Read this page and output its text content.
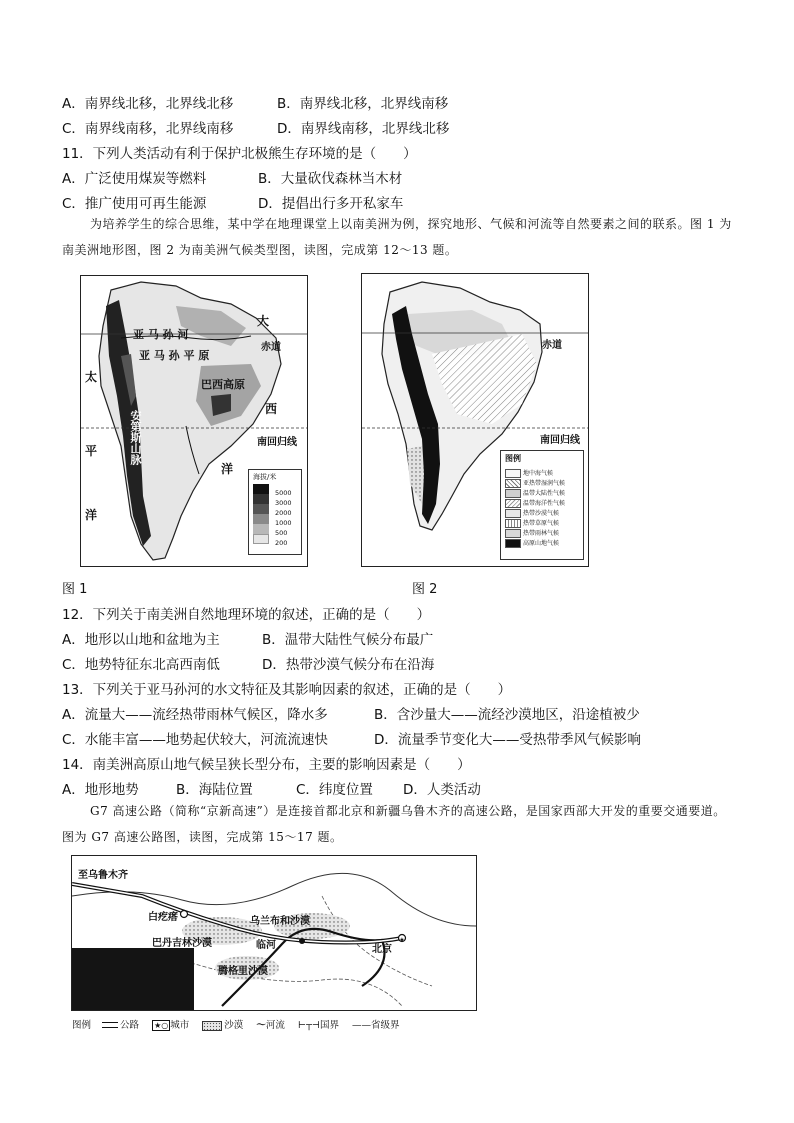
A．南界线北移，北界线北移	B．南界线北移，北界线南移
C．南界线南移，北界线南移	D．南界线南移，北界线北移
11．下列人类活动有利于保护北极熊生存环境的是（　　）
A．广泛使用煤炭等燃料	B．大量砍伐森林当木材
C．推广使用可再生能源	D．提倡出行多开私家车
为培养学生的综合思维，某中学在地理课堂上以南美洲为例，探究地形、气候和河流等自然要素之间的联系。图 1 为南美洲地形图，图 2 为南美洲气候类型图，读图，完成第 12～13 题。
大
赤道
亚 马 孙 河
亚 马 孙 平 原
巴西高原
西
太
安第斯山脉	南回归线
平
洋
洋
海拔/米
5000
3000
2000
1000
500
200
图 1
赤道
南回归线
图例
地中海气候
亚热带湿润气候
温带大陆性气候
温带海洋性气候
热带沙漠气候
热带草原气候
热带雨林气候
高原山地气候
图 2
12．下列关于南美洲自然地理环境的叙述，正确的是（　　）
A．地形以山地和盆地为主	B．温带大陆性气候分布最广
C．地势特征东北高西南低	D．热带沙漠气候分布在沿海
13．下列关于亚马孙河的水文特征及其影响因素的叙述，正确的是（　　）
A．流量大——流经热带雨林气候区，降水多	B．含沙量大——流经沙漠地区，沿途植被少
C．水能丰富——地势起伏较大，河流流速快	D．流量季节变化大——受热带季风气候影响
14．南美洲高原山地气候呈狭长型分布，主要的影响因素是（　　）
A．地形地势	B．海陆位置	C．纬度位置 D．人类活动
G7 高速公路（简称“京新高速”）是连接首都北京和新疆乌鲁木齐的高速公路，是国家西部大开发的重要交通要道。图为 G7 高速公路图，读图，完成第 15～17 题。
★
至乌鲁木齐
白疙瘩
巴丹吉林沙漠
乌兰布和沙漠
临河
腾格里沙漠
北京
图例	公路 ★○ 城市	沙漠 〜河流 ⊢┬⊣国界 ——省级界
